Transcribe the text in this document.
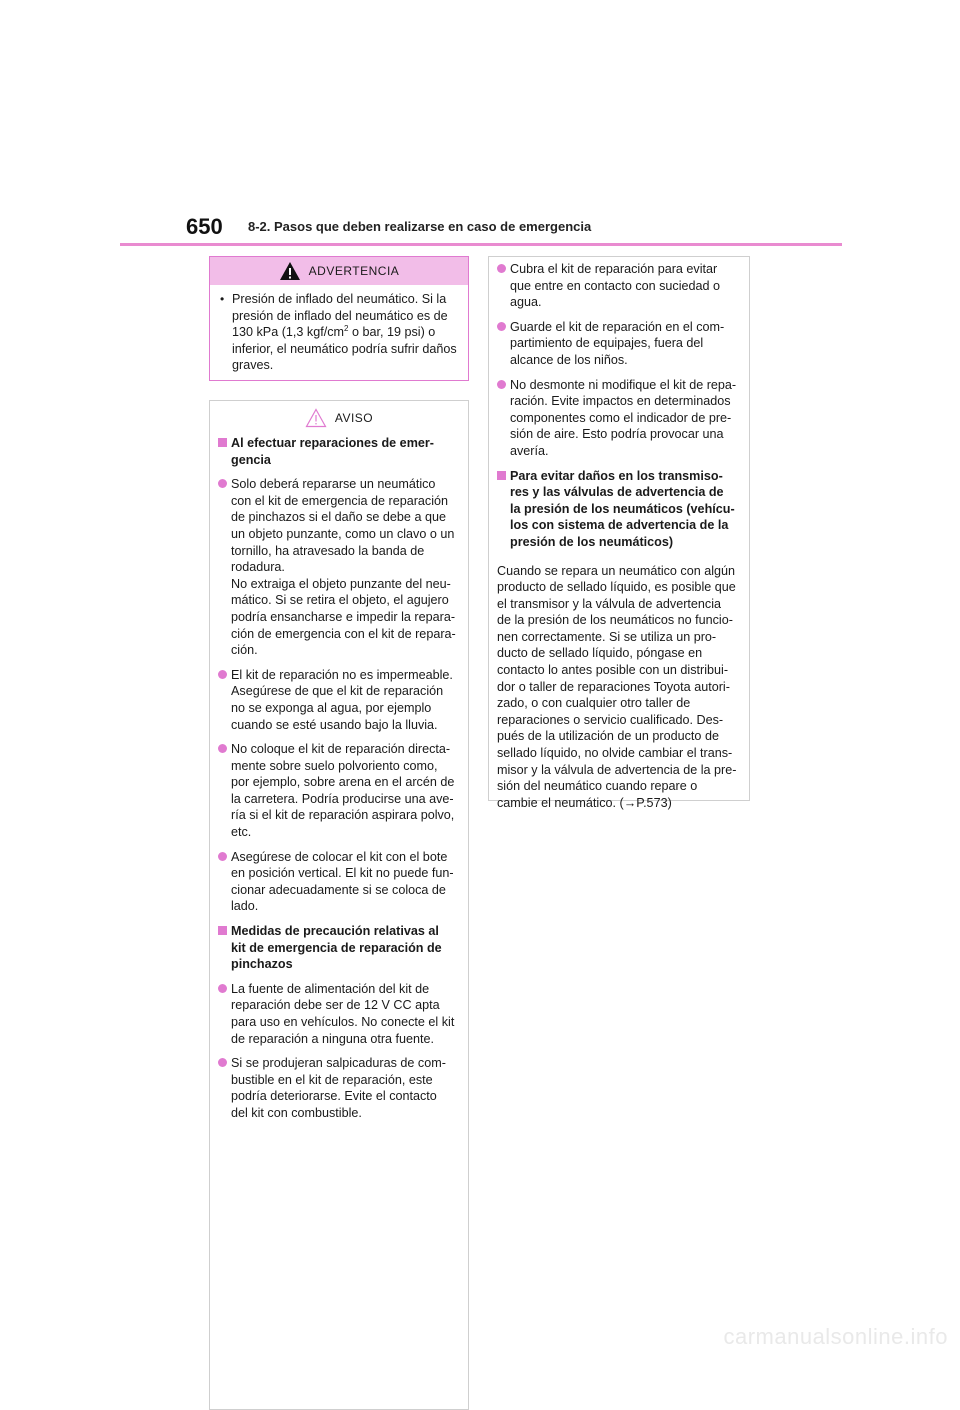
650 8-2. Pasos que deben realizarse en caso de emergencia
ADVERTENCIA
• Presión de inflado del neumático. Si la presión de inflado del neumático es de 130 kPa (1,3 kgf/$cm^2$ o bar, 19 psi) o inferior, el neumático podría sufrir daños graves.
AVISO
Al efectuar reparaciones de emer-
gencia
Solo deberá repararse un neumático
con el kit de emergencia de reparación
de pinchazos si el daño se debe a que
un objeto punzante, como un clavo o un
tornillo, ha atravesado la banda de
rodadura.
No extraiga el objeto punzante del neu-
mático. Si se retira el objeto, el agujero
podría ensancharse e impedir la repara-
ción de emergencia con el kit de repara-
ción.
El kit de reparación no es impermeable.
Asegúrese de que el kit de reparación
no se exponga al agua, por ejemplo
cuando se esté usando bajo la lluvia.
No coloque el kit de reparación directa-
mente sobre suelo polvoriento como,
por ejemplo, sobre arena en el arcén de
la carretera. Podría producirse una ave-
ría si el kit de reparación aspirara polvo,
etc.
Asegúrese de colocar el kit con el bote
en posición vertical. El kit no puede fun-
cionar adecuadamente si se coloca de
lado.
Medidas de precaución relativas al
kit de emergencia de reparación de
pinchazos
La fuente de alimentación del kit de
reparación debe ser de 12 V CC apta
para uso en vehículos. No conecte el kit
de reparación a ninguna otra fuente.
Si se produjeran salpicaduras de com-
bustible en el kit de reparación, este
podría deteriorarse. Evite el contacto
del kit con combustible.
Cubra el kit de reparación para evitar
que entre en contacto con suciedad o
agua.
Guarde el kit de reparación en el com-
partimiento de equipajes, fuera del
alcance de los niños.
No desmonte ni modifique el kit de repa-
ración. Evite impactos en determinados
componentes como el indicador de pre-
sión de aire. Esto podría provocar una
avería.
Para evitar daños en los transmiso-
res y las válvulas de advertencia de
la presión de los neumáticos (vehícu-
los con sistema de advertencia de la
presión de los neumáticos)

Cuando se repara un neumático con algún
producto de sellado líquido, es posible que
el transmisor y la válvula de advertencia
de la presión de los neumáticos no funcio-
nen correctamente. Si se utiliza un pro-
ducto de sellado líquido, póngase en
contacto lo antes posible con un distribui-
dor o taller de reparaciones Toyota autori-
zado, o con cualquier otro taller de
reparaciones o servicio cualificado. Des-
pués de la utilización de un producto de
sellado líquido, no olvide cambiar el trans-
misor y la válvula de advertencia de la pre-
sión del neumático cuando repare o
cambie el neumático. (→P.573)

carmanualsonline.info
